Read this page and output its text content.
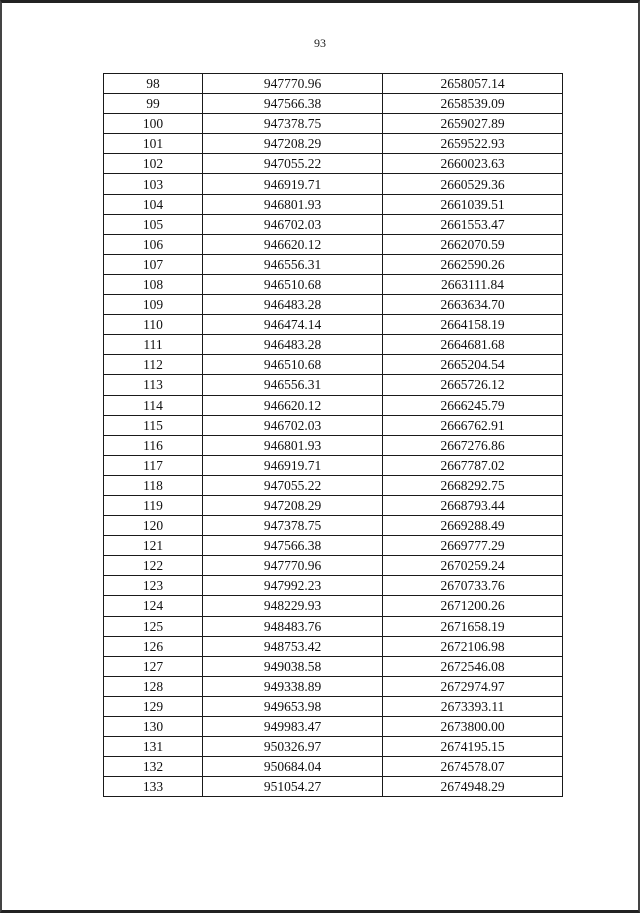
93
98	947770.96	2658057.14
99	947566.38	2658539.09
100	947378.75	2659027.89
101	947208.29	2659522.93
102	947055.22	2660023.63
103	946919.71	2660529.36
104	946801.93	2661039.51
105	946702.03	2661553.47
106	946620.12	2662070.59
107	946556.31	2662590.26
108	946510.68	2663111.84
109	946483.28	2663634.70
110	946474.14	2664158.19
111	946483.28	2664681.68
112	946510.68	2665204.54
113	946556.31	2665726.12
114	946620.12	2666245.79
115	946702.03	2666762.91
116	946801.93	2667276.86
117	946919.71	2667787.02
118	947055.22	2668292.75
119	947208.29	2668793.44
120	947378.75	2669288.49
121	947566.38	2669777.29
122	947770.96	2670259.24
123	947992.23	2670733.76
124	948229.93	2671200.26
125	948483.76	2671658.19
126	948753.42	2672106.98
127	949038.58	2672546.08
128	949338.89	2672974.97
129	949653.98	2673393.11
130	949983.47	2673800.00
131	950326.97	2674195.15
132	950684.04	2674578.07
133	951054.27	2674948.29
